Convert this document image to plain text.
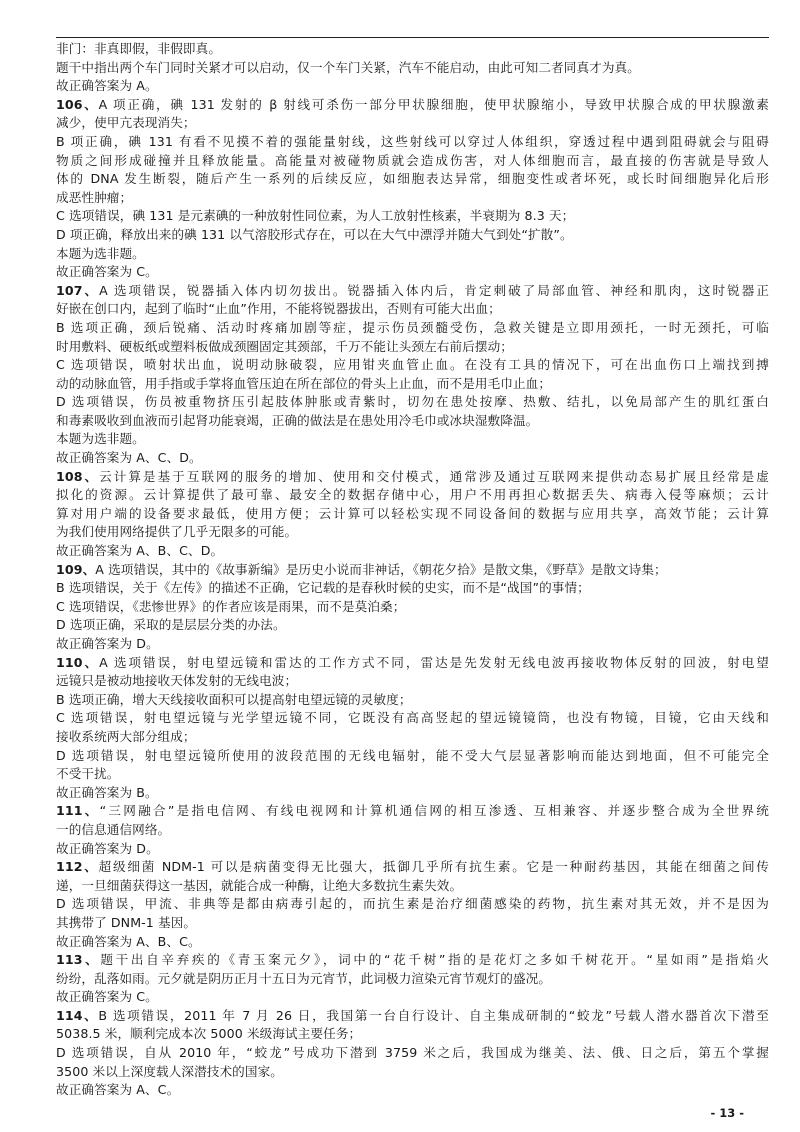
非门：非真即假，非假即真。
题干中指出两个车门同时关紧才可以启动，仅一个车门关紧，汽车不能启动，由此可知二者同真才为真。
故正确答案为 A。
106、A 项正确，碘 131 发射的 β 射线可杀伤一部分甲状腺细胞，使甲状腺缩小，导致甲状腺合成的甲状腺激素
减少，使甲亢表现消失；
B 项正确，碘 131 有看不见摸不着的强能量射线，这些射线可以穿过人体组织，穿透过程中遇到阻碍就会与阻碍
物质之间形成碰撞并且释放能量。高能量对被碰物质就会造成伤害，对人体细胞而言，最直接的伤害就是导致人
体的 DNA 发生断裂，随后产生一系列的后续反应，如细胞表达异常，细胞变性或者坏死，或长时间细胞异化后形
成恶性肿瘤；
C 选项错误，碘 131 是元素碘的一种放射性同位素，为人工放射性核素，半衰期为 8.3 天；
D 项正确，释放出来的碘 131 以气溶胶形式存在，可以在大气中漂浮并随大气到处“扩散”。
本题为选非题。
故正确答案为 C。
107、A 选项错误，锐器插入体内切勿拔出。锐器插入体内后，肯定刺破了局部血管、神经和肌肉，这时锐器正
好嵌在创口内，起到了临时“止血”作用，不能将锐器拔出，否则有可能大出血；
B 选项正确，颈后锐痛、活动时疼痛加剧等症，提示伤员颈髓受伤，急救关键是立即用颈托，一时无颈托，可临
时用敷料、硬板纸或塑料板做成颈圈固定其颈部，千万不能让头颈左右前后摆动；
C 选项错误，喷射状出血，说明动脉破裂，应用钳夹血管止血。在没有工具的情况下，可在出血伤口上端找到搏
动的动脉血管，用手指或手掌将血管压迫在所在部位的骨头上止血，而不是用毛巾止血；
D 选项错误，伤员被重物挤压引起肢体肿胀或青紫时，切勿在患处按摩、热敷、结扎，以免局部产生的肌红蛋白
和毒素吸收到血液而引起肾功能衰竭，正确的做法是在患处用冷毛巾或冰块湿敷降温。
本题为选非题。
故正确答案为 A、C、D。
108、云计算是基于互联网的服务的增加、使用和交付模式，通常涉及通过互联网来提供动态易扩展且经常是虚
拟化的资源。云计算提供了最可靠、最安全的数据存储中心，用户不用再担心数据丢失、病毒入侵等麻烦；云计
算对用户端的设备要求最低，使用方便；云计算可以轻松实现不同设备间的数据与应用共享，高效节能；云计算
为我们使用网络提供了几乎无限多的可能。
故正确答案为 A、B、C、D。
109、A 选项错误，其中的《故事新编》是历史小说而非神话，《朝花夕拾》是散文集，《野草》是散文诗集；
B 选项错误，关于《左传》的描述不正确，它记载的是春秋时候的史实，而不是“战国”的事情；
C 选项错误，《悲惨世界》的作者应该是雨果，而不是莫泊桑；
D 选项正确，采取的是层层分类的办法。
故正确答案为 D。
110、A 选项错误，射电望远镜和雷达的工作方式不同，雷达是先发射无线电波再接收物体反射的回波，射电望
远镜只是被动地接收天体发射的无线电波；
B 选项正确，增大天线接收面积可以提高射电望远镜的灵敏度；
C 选项错误，射电望远镜与光学望远镜不同，它既没有高高竖起的望远镜镜筒，也没有物镜，目镜，它由天线和
接收系统两大部分组成；
D 选项错误，射电望远镜所使用的波段范围的无线电辐射，能不受大气层显著影响而能达到地面，但不可能完全
不受干扰。
故正确答案为 B。
111、“三网融合”是指电信网、有线电视网和计算机通信网的相互渗透、互相兼容、并逐步整合成为全世界统
一的信息通信网络。
故正确答案为 D。
112、超级细菌 NDM-1 可以是病菌变得无比强大，抵御几乎所有抗生素。它是一种耐药基因，其能在细菌之间传
递，一旦细菌获得这一基因，就能合成一种酶，让绝大多数抗生素失效。
D 选项错误，甲流、非典等是都由病毒引起的，而抗生素是治疗细菌感染的药物，抗生素对其无效，并不是因为
其携带了 DNM-1 基因。
故正确答案为 A、B、C。
113、题干出自辛弃疾的《青玉案元夕》，词中的“花千树”指的是花灯之多如千树花开。“星如雨”是指焰火
纷纷，乱落如雨。元夕就是阴历正月十五日为元宵节，此词极力渲染元宵节观灯的盛况。
故正确答案为 C。
114、B 选项错误，2011 年 7 月 26 日，我国第一台自行设计、自主集成研制的“蛟龙”号载人潜水器首次下潜至
5038.5 米，顺利完成本次 5000 米级海试主要任务；
D 选项错误，自从 2010 年，“蛟龙”号成功下潜到 3759 米之后，我国成为继美、法、俄、日之后，第五个掌握
3500 米以上深度载人深潜技术的国家。
故正确答案为 A、C。
- 13 -
